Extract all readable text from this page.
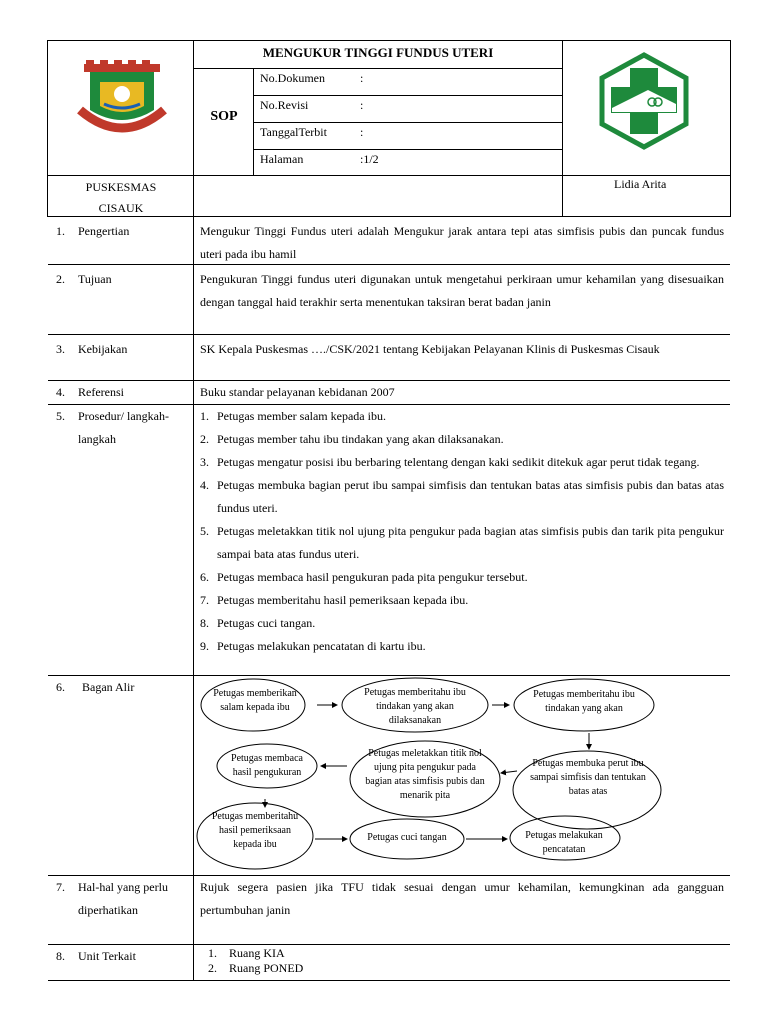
MENGUKUR TINGGI FUNDUS UTERI
SOP
No.Dokumen	:
No.Revisi	:
TanggalTerbit	:
Halaman	:1/2
PUSKESMAS
CISAUK
Lidia Arita
1. Pengertian	Mengukur Tinggi Fundus uteri adalah Mengukur jarak antara tepi atas simfisis pubis dan puncak fundus uteri pada ibu hamil
2. Tujuan	Pengukuran Tinggi fundus uteri digunakan untuk mengetahui perkiraan umur kehamilan yang disesuaikan dengan tanggal haid terakhir serta menentukan taksiran berat badan janin
3. Kebijakan	SK Kepala Puskesmas …./CSK/2021 tentang Kebijakan Pelayanan Klinis di Puskesmas Cisauk
4. Referensi	Buku standar pelayanan kebidanan 2007
5. Prosedur/ langkah-langkah
1. Petugas member salam kepada ibu.
2. Petugas member tahu ibu tindakan yang akan dilaksanakan.
3. Petugas mengatur posisi ibu berbaring telentang dengan kaki sedikit ditekuk agar perut tidak tegang.
4. Petugas membuka bagian perut ibu sampai simfisis dan tentukan batas atas simfisis pubis dan batas atas fundus uteri.
5. Petugas meletakkan titik nol ujung pita pengukur pada bagian atas simfisis pubis dan tarik pita pengukur sampai bata atas fundus uteri.
6. Petugas membaca hasil pengukuran pada pita pengukur tersebut.
7. Petugas memberitahu hasil pemeriksaan kepada ibu.
8. Petugas cuci tangan.
9. Petugas melakukan pencatatan di kartu ibu.
6. Bagan Alir
7. Hal-hal yang perlu diperhatikan
Rujuk segera pasien jika TFU tidak sesuai dengan umur kehamilan, kemungkinan ada gangguan pertumbuhan janin
8. Unit Terkait	1.    Ruang KIA
2.    Ruang PONED
Petugas memberikan salam kepada ibu
Petugas memberitahu ibu tindakan yang akan dilaksanakan
Petugas memberitahu ibu tindakan yang akan
Petugas membaca hasil pengukuran
Petugas meletakkan titik nol ujung pita pengukur pada bagian atas simfisis pubis dan menarik pita
Petugas membuka perut ibu sampai simfisis dan tentukan batas atas
Petugas memberitahu hasil pemeriksaan kepada ibu
Petugas cuci tangan	Petugas melakukan pencatatan
